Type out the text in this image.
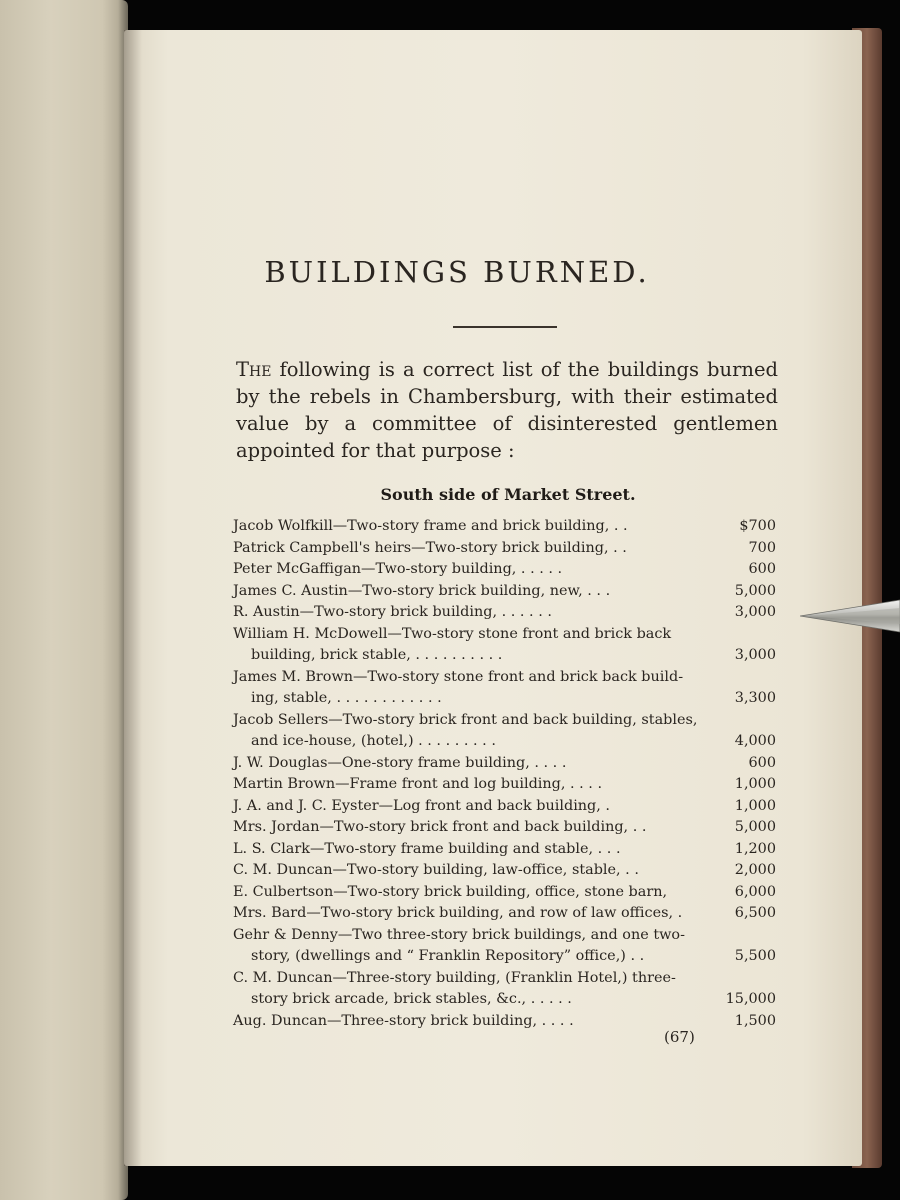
BUILDINGS BURNED.

The following is a correct list of the buildings burned by the rebels in Chambersburg, with their estimated value by a committee of disinterested gentlemen appointed for that purpose :

South side of Market Street.
Jacob Wolfkill—Two-story frame and brick building, . .	$700
Patrick Campbell's heirs—Two-story brick building, . .	700
Peter McGaffigan—Two-story building, . . . . .	600
James C. Austin—Two-story brick building, new, . . .	5,000
R. Austin—Two-story brick building, . . . . . .	3,000
William H. McDowell—Two-story stone front and brick back
building, brick stable, . . . . . . . . . .	3,000
James M. Brown—Two-story stone front and brick back build-
ing, stable, . . . . . . . . . . . .	3,300
Jacob Sellers—Two-story brick front and back building, stables,
and ice-house, (hotel,) . . . . . . . . .	4,000
J. W. Douglas—One-story frame building, . . . .	600
Martin Brown—Frame front and log building, . . . .	1,000
J. A. and J. C. Eyster—Log front and back building, .	1,000
Mrs. Jordan—Two-story brick front and back building, . .	5,000
L. S. Clark—Two-story frame building and stable, . . .	1,200
C. M. Duncan—Two-story building, law-office, stable, . .	2,000
E. Culbertson—Two-story brick building, office, stone barn,	6,000
Mrs. Bard—Two-story brick building, and row of law offices, .	6,500
Gehr & Denny—Two three-story brick buildings, and one two-
story, (dwellings and “ Franklin Repository” office,) . .	5,500
C. M. Duncan—Three-story building, (Franklin Hotel,) three-
story brick arcade, brick stables, &c., . . . . .	15,000
Aug. Duncan—Three-story brick building, . . . .	1,500
(67)
